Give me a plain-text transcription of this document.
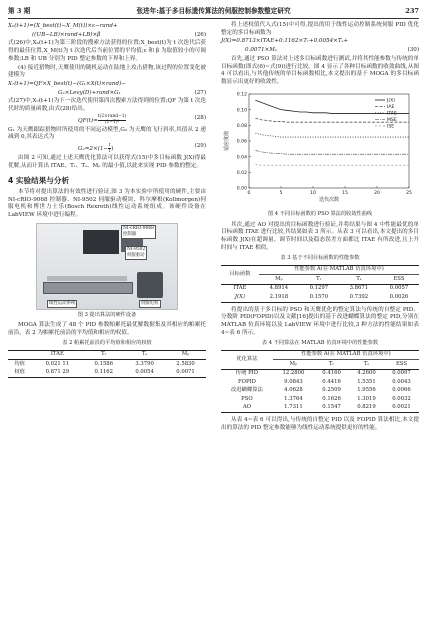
第 3 期	张进年:基于多目标遗传算法的伺服控制参数整定研究	237
X₆(t+1)=(X_best(t)−X_M(t))×ε−rand+
((UB−LB)×rand+LB)×β	(26)

式(26)中,X₆(t+1)为第三阶段的搜索方法获得的位置;X_best(t)为 t 次迭代后获得的最佳位置,X_M(t)为 t 次迭代后当前位置的平均值;ε 和 β 为取值较小的可调参数;LB 和 UB 分别为 PID 整定参数的下界和上界。

(4) 接近猎物时,天鹰使用的随机运动在陆地上攻击猎物,该过程的位置变化被建模为

X₇(t+1)=QF×X_best(t)−(G₁×X(t)×rand)−
G₂×Levy(D)+rand×G₁	(27)

式(27)中,X₇(t+1)为下一次迭代使用第四次搜索方法得到的位置;QF 为第 t 次迭代时的质量函数,由式(28)给出。

QF(t)=
t(2×rand−1)
(1−T)²
(28)

G₁ 为天鹰跟踪猎物时所使用的不同运动模型,G₂ 为天鹰的飞行斜率,其值从 2 递减到 0,其表达式为

$G_2=2\times(1- \frac{t}{T}$ )
(29)

由图 2 可知,通过上述天鹰优化算法可以获得式(15)中多目标函数 J(X)得最优解,从而计算出 ITAE、Tᵣ、Tₛ、Mₚ 的最小值,以此来实现 PID 参数的整定。

4 实验结果与分析

本节将对提出算法的有效性进行验证,图 3 为本实验中所使用的硬件,主要由 NI-cRIO-9068 控制器、NI-9502 伺服驱动模块、科尔摩根(Kollmorgen)伺服电机和博世力士乐(Bosch Rexroth)线性运动系统组成。该硬件设备在 LabVIEW 环境中进行编程。

NI-cRIO-9068
控制器
NI-9502
伺服驱动
线性运动系统	伺服电机
图 3 提出算法的硬件设备

MOGA 算法生成了 48 个 PID 参数帕累托最优解数据集及其相应的帕累托前沿。表 2 为帕累托前沿的平均值和相应的权值。

表 2 帕累托前沿的平均值和相应的权值
	ITAE	Tᵣ	Tₛ	Mₚ
均值	0.021 11	0.1586	3.3790	2.5830
权值	0.871 29	0.1162	0.0054	0.0071

将上述权值代入式(15)中可得,提出的用于线性运动控制系统伺服 PID 优化整定的多目标函数为

J(X)=0.8713×ITAE+0.1162×Tᵣ+0.0054×Tₛ+
0.0071×Mₚ	(30)

首先,通过 PSO 算法对上述多目标函数进行测试,并将其性能参数与传统的单目标函数(即式(6)~式(9))进行比较。图 4 显示了各种目标函数的收敛曲线,从图 4 可以看出,与其他传统的单目标函数相比,本文提出的基于 MOGA 的多目标函数显示出更好的收敛性。

0.00
0.02
0.04
0.06
0.08
0.10
0.12
0	5	10	15	20	25
迭代次数
适应度值
J(X)
IAE
ITAE
MSE
ISE
图 4 不同目标函数的 PSO 算法的收敛性曲线

其次,通过 AO 对提出的目标函数进行验证,并将结果与图 4 中性能最优的单目标函数 ITAE 进行比较,其结果如表 3 所示。从表 3 可以看出,本文提出的多目标函数 J(X)在超调量、调节时间以及稳态误差方面都比 ITAE 有所改进,且上升时间与 ITAE 相似。

表 3 基于不同目标函数的性能参数
目标函数	性能参数 A(在 MATLAB 仿真环境中)			
	Mₚ	Tᵣ	Tₛ	ESS
ITAE	4.8914	0.1297	3.8671	0.0057
J(X)	2.1918	0.1570	0.7392	0.0026

将提出的基于多目标的 PSO 和天鹰优化的整定算法与传统的自整定 PID、分数阶 PID(FOPID)以及文献[16]提出的基于改进蝴蝶算法的整定 PID,分别在 MATLAB 仿真环境以及 LabVIEW 环境中进行比较,3 种方法的性能结果如表 4~表 6 所示。

表 4 不同算法在 MATLAB 仿真环境中的性能参数
优化算法	性能参数 A(在 MATLAB 仿真环境中)			
	Mₚ	Tᵣ	Tₛ	ESS
传统 PID	12.2800	0.4160	4.2600	0.0097
FOPID	9.0843	0.4416	1.5351	0.0043
改进蝴蝶算法	4.0628	0.2509	1.9556	0.0066
PSO	1.3764	0.1626	1.3019	0.0032
AO	1.7311	0.1547	0.8219	0.0021

从表 4~表 6 可以得出,与传统的自整定 PID 以及 FOPID 算法相比,本文提出的算法的 PID 整定参数能够为线性运动系统提供更好的性能。
